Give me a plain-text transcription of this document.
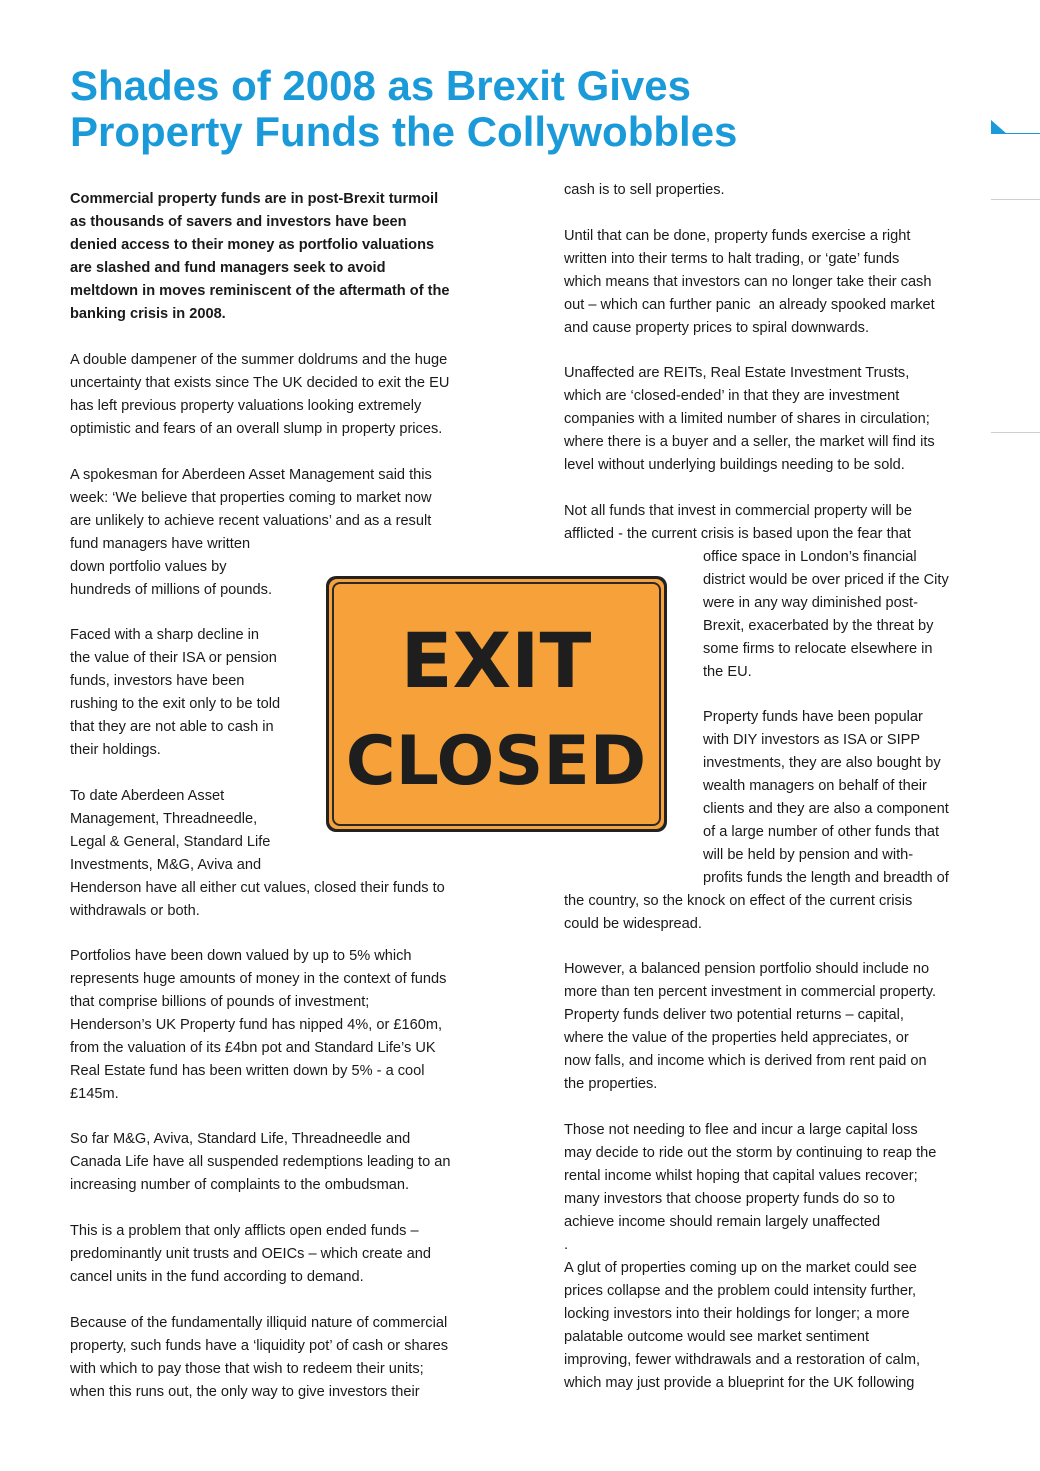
Shades of 2008 as Brexit Gives
Property Funds the Collywobbles

Commercial property funds are in post-Brexit turmoil
as thousands of savers and investors have been
denied access to their money as portfolio valuations
are slashed and fund managers seek to avoid
meltdown in moves reminiscent of the aftermath of the
banking crisis in 2008.

A double dampener of the summer doldrums and the huge
uncertainty that exists since The UK decided to exit the EU
has left previous property valuations looking extremely
optimistic and fears of an overall slump in property prices.

A spokesman for Aberdeen Asset Management said this
week: ‘We believe that properties coming to market now
are unlikely to achieve recent valuations’ and as a result
fund managers have written
down portfolio values by
hundreds of millions of pounds.

Faced with a sharp decline in
the value of their ISA or pension
funds, investors have been
rushing to the exit only to be told
that they are not able to cash in
their holdings.

To date Aberdeen Asset
Management, Threadneedle,
Legal & General, Standard Life
Investments, M&G, Aviva and
Henderson have all either cut values, closed their funds to
withdrawals or both.

Portfolios have been down valued by up to 5% which
represents huge amounts of money in the context of funds
that comprise billions of pounds of investment;
Henderson’s UK Property fund has nipped 4%, or £160m,
from the valuation of its £4bn pot and Standard Life’s UK
Real Estate fund has been written down by 5% - a cool
£145m.

So far M&G, Aviva, Standard Life, Threadneedle and
Canada Life have all suspended redemptions leading to an
increasing number of complaints to the ombudsman.

This is a problem that only afflicts open ended funds –
predominantly unit trusts and OEICs – which create and
cancel units in the fund according to demand.

Because of the fundamentally illiquid nature of commercial
property, such funds have a ‘liquidity pot’ of cash or shares
with which to pay those that wish to redeem their units;
when this runs out, the only way to give investors their

cash is to sell properties.

Until that can be done, property funds exercise a right
written into their terms to halt trading, or ‘gate’ funds
which means that investors can no longer take their cash
out – which can further panic  an already spooked market
and cause property prices to spiral downwards.

Unaffected are REITs, Real Estate Investment Trusts,
which are ‘closed-ended’ in that they are investment
companies with a limited number of shares in circulation;
where there is a buyer and a seller, the market will find its
level without underlying buildings needing to be sold.

Not all funds that invest in commercial property will be
afflicted - the current crisis is based upon the fear that

office space in London’s financial
district would be over priced if the City
were in any way diminished post-
Brexit, exacerbated by the threat by
some firms to relocate elsewhere in
the EU.

Property funds have been popular
with DIY investors as ISA or SIPP
investments, they are also bought by
wealth managers on behalf of their
clients and they are also a component
of a large number of other funds that
will be held by pension and with-
profits funds the length and breadth of

the country, so the knock on effect of the current crisis
could be widespread.

However, a balanced pension portfolio should include no
more than ten percent investment in commercial property.
Property funds deliver two potential returns – capital,
where the value of the properties held appreciates, or
now falls, and income which is derived from rent paid on
the properties.

Those not needing to flee and incur a large capital loss
may decide to ride out the storm by continuing to reap the
rental income whilst hoping that capital values recover;
many investors that choose property funds do so to
achieve income should remain largely unaffected
.
A glut of properties coming up on the market could see
prices collapse and the problem could intensity further,
locking investors into their holdings for longer; a more
palatable outcome would see market sentiment
improving, fewer withdrawals and a restoration of calm,
which may just provide a blueprint for the UK following

EXIT
CLOSED
